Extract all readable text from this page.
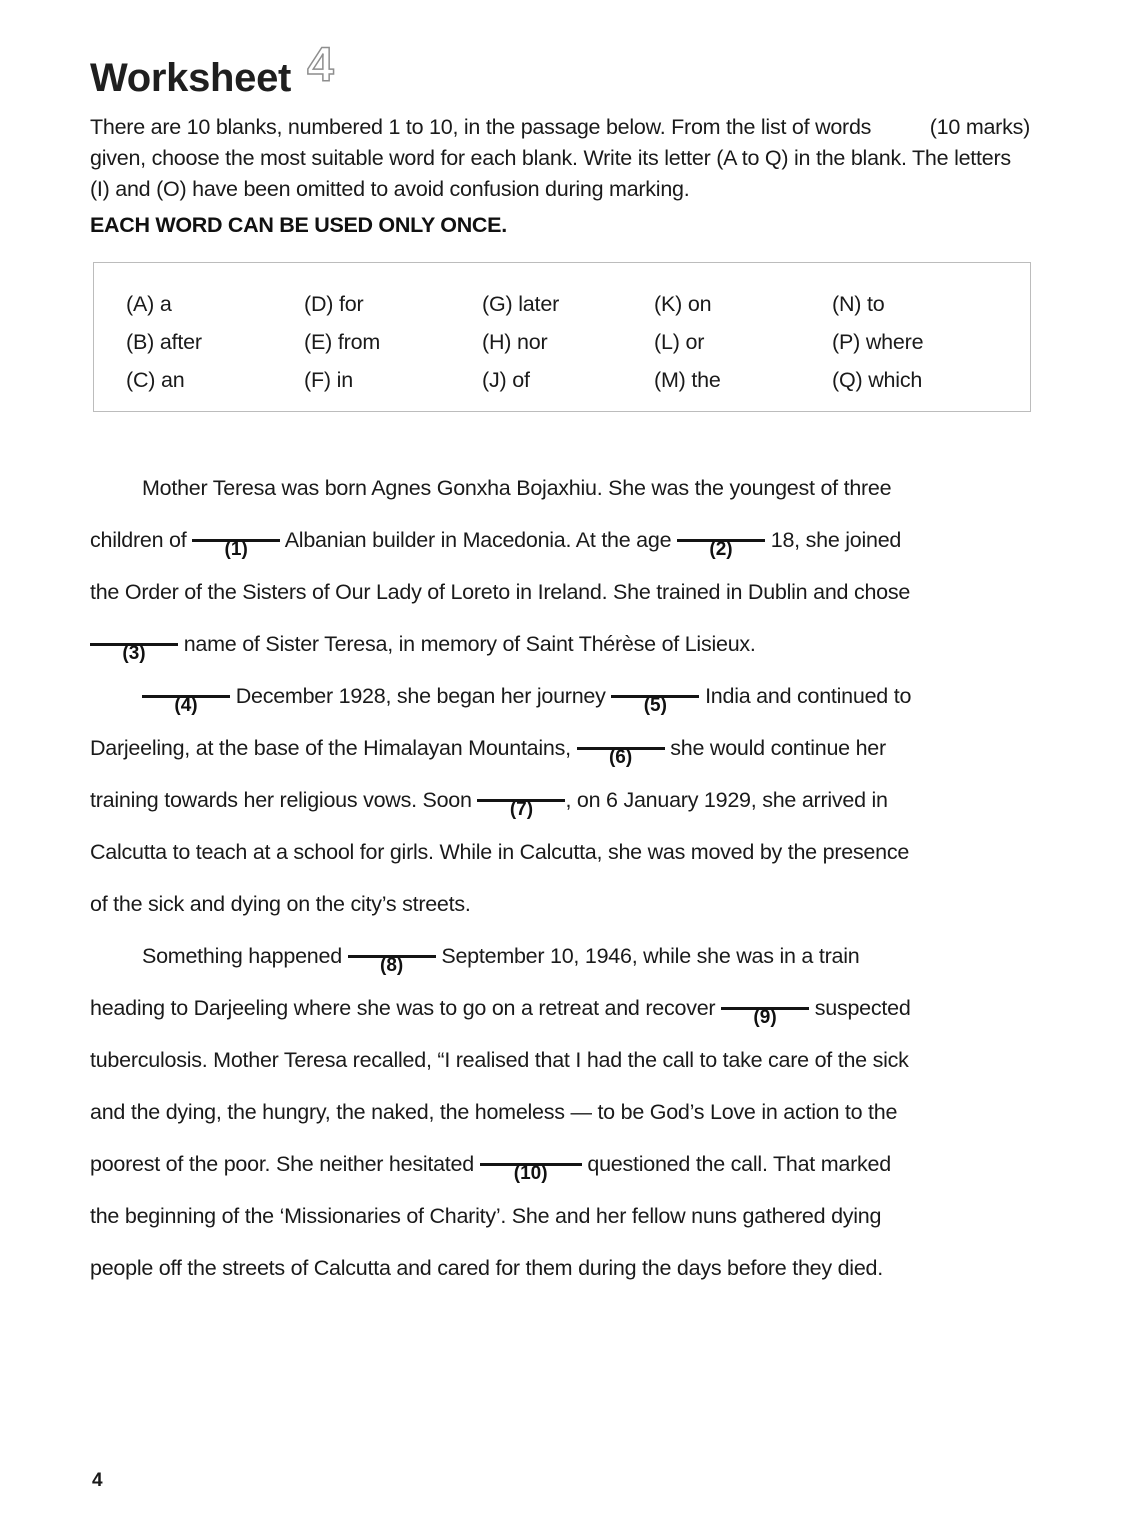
Worksheet 4
(10 marks)
There are 10 blanks, numbered 1 to 10, in the passage below. From the list of words given, choose the most suitable word for each blank. Write its letter (A to Q) in the blank. The letters (I) and (O) have been omitted to avoid confusion during marking.
EACH WORD CAN BE USED ONLY ONCE.
(A) a	(D) for	(G) later	(K) on	(N) to
(B) after	(E) from	(H) nor	(L) or	(P) where
(C) an	(F) in	(J) of	(M) the	(Q) which
Mother Teresa was born Agnes Gonxha Bojaxhiu. She was the youngest of three
children of	(1)	Albanian builder in Macedonia. At the age	(2)	18, she joined
the Order of the Sisters of Our Lady of Loreto in Ireland. She trained in Dublin and chose
(3)	name of Sister Teresa, in memory of Saint Thérèse of Lisieux.
(4)	December 1928, she began her journey	(5)	India and continued to
Darjeeling, at the base of the Himalayan Mountains,	(6)	she would continue her
training towards her religious vows. Soon	(7)	, on 6 January 1929, she arrived in
Calcutta to teach at a school for girls. While in Calcutta, she was moved by the presence
of the sick and dying on the city’s streets.
Something happened	(8)	September 10, 1946, while she was in a train
heading to Darjeeling where she was to go on a retreat and recover	(9)	suspected
tuberculosis. Mother Teresa recalled, “I realised that I had the call to take care of the sick
and the dying, the hungry, the naked, the homeless — to be God’s Love in action to the
poorest of the poor. She neither hesitated	(10)	questioned the call. That marked
the beginning of the ‘Missionaries of Charity’. She and her fellow nuns gathered dying
people off the streets of Calcutta and cared for them during the days before they died.
4
